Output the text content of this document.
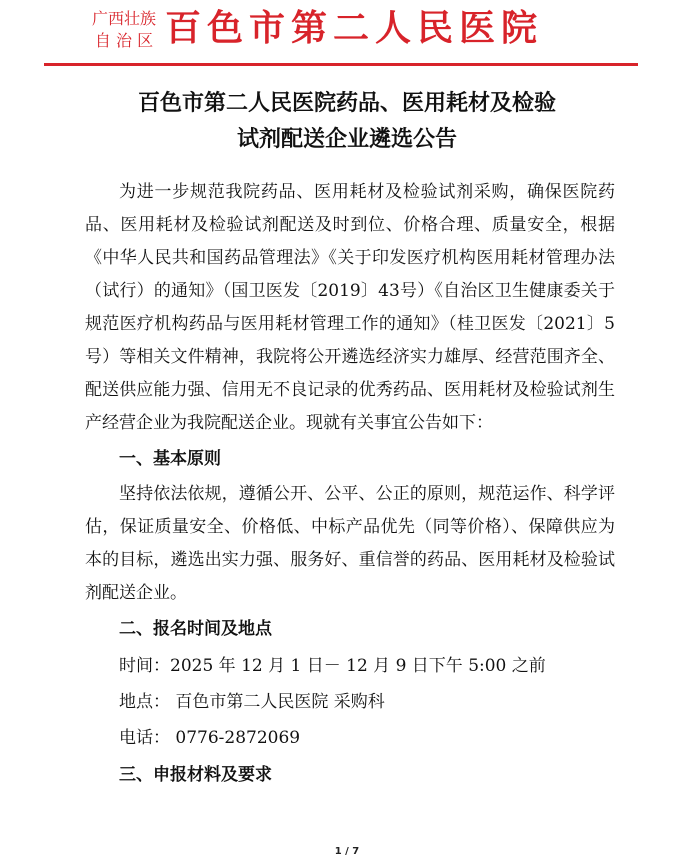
广西壮族
自 治 区 百色市第二人民医院
百色市第二人民医院药品、医用耗材及检验
试剂配送企业遴选公告

为进一步规范我院药品、医用耗材及检验试剂采购，确保医院药品、医用耗材及检验试剂配送及时到位、价格合理、质量安全，根据《中华人民共和国药品管理法》《关于印发医疗机构医用耗材管理办法（试行）的通知》（国卫医发〔2019〕43号）《自治区卫生健康委关于规范医疗机构药品与医用耗材管理工作的通知》（桂卫医发〔2021〕5号）等相关文件精神，我院将公开遴选经济实力雄厚、经营范围齐全、配送供应能力强、信用无不良记录的优秀药品、医用耗材及检验试剂生产经营企业为我院配送企业。现就有关事宜公告如下：

一、基本原则

坚持依法依规，遵循公开、公平、公正的原则，规范运作、科学评估，保证质量安全、价格低、中标产品优先（同等价格）、保障供应为本的目标，遴选出实力强、服务好、重信誉的药品、医用耗材及检验试剂配送企业。

二、报名时间及地点

时间：2025 年 12 月 1 日－ 12 月 9 日下午 5:00 之前

地点： 百色市第二人民医院 采购科

电话： 0776-2872069

三、申报材料及要求

1 / 7
